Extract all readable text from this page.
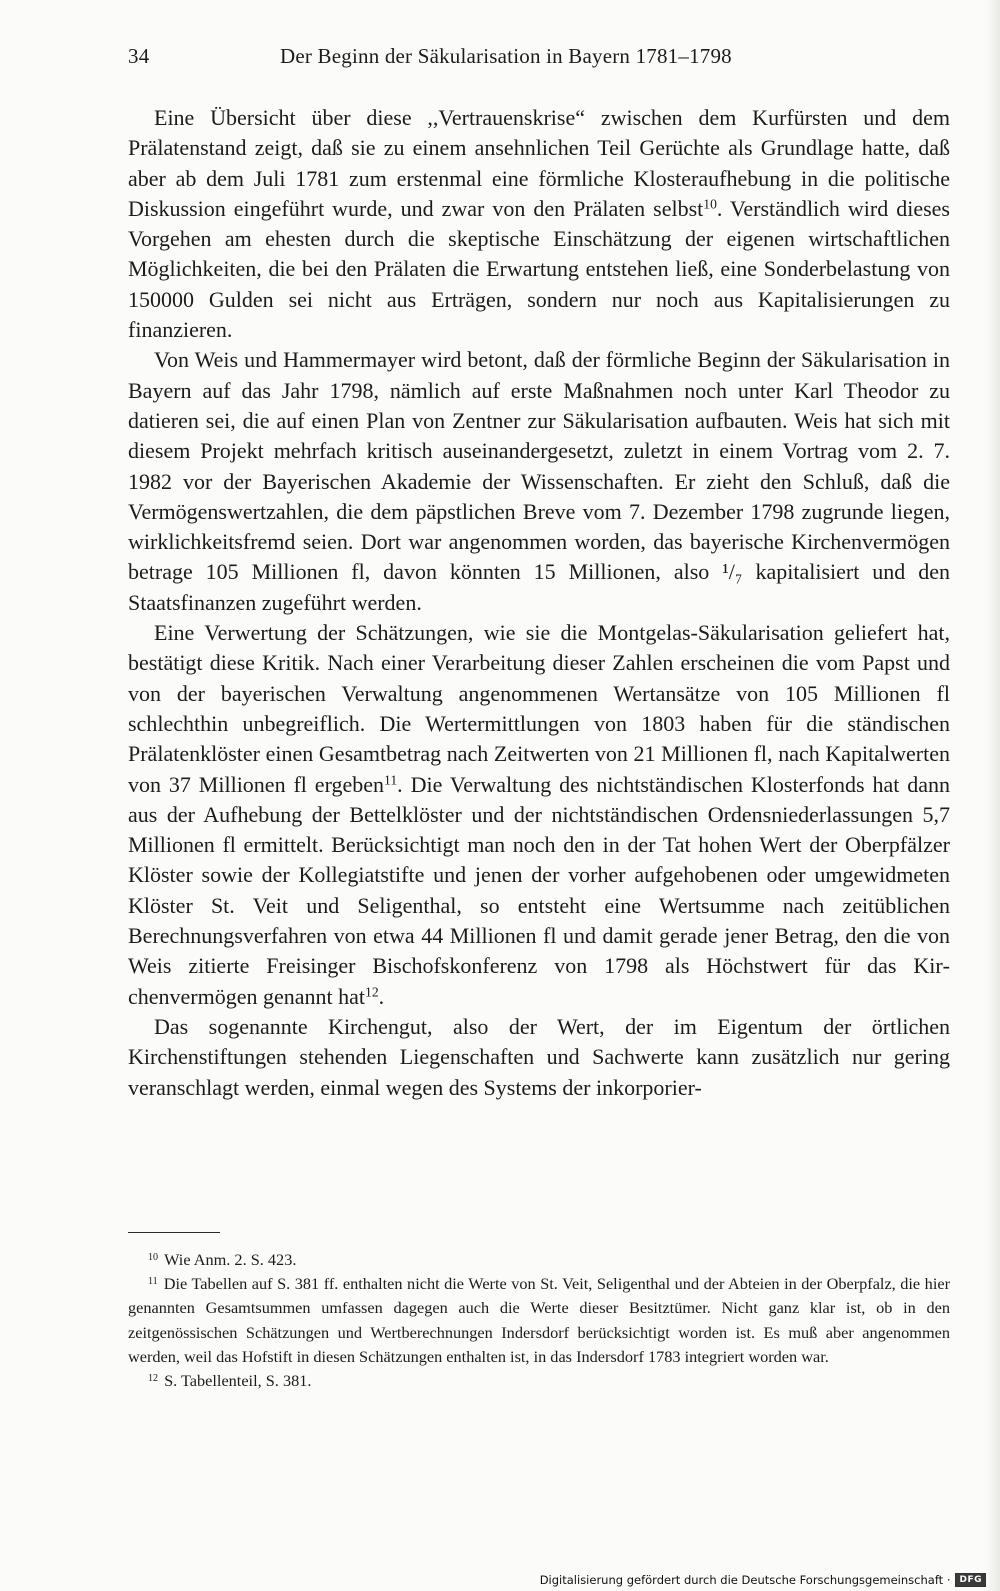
34	Der Beginn der Säkularisation in Bayern 1781–1798

Eine Übersicht über diese ,,Vertrauenskrise“ zwischen dem Kurfürsten und dem Prälatenstand zeigt, daß sie zu einem ansehnlichen Teil Gerüchte als Grundlage hatte, daß aber ab dem Juli 1781 zum erstenmal eine förmliche Klosteraufhebung in die politische Diskussion eingeführt wurde, und zwar von den Prälaten selbst$^{10}$. Verständlich wird dieses Vorgehen am ehesten durch die skeptische Einschätzung der eigenen wirtschaftlichen Möglichkeiten, die bei den Prälaten die Erwartung entstehen ließ, eine Sonderbelastung von 150000 Gulden sei nicht aus Erträgen, sondern nur noch aus Kapitalisierungen zu finanzieren.

Von Weis und Hammermayer wird betont, daß der förmliche Beginn der Säkularisation in Bayern auf das Jahr 1798, nämlich auf erste Maßnahmen noch unter Karl Theodor zu datieren sei, die auf einen Plan von Zentner zur Säkularisation aufbauten. Weis hat sich mit diesem Projekt mehrfach kritisch auseinandergesetzt, zuletzt in einem Vortrag vom 2. 7. 1982 vor der Bayerischen Akademie der Wissenschaften. Er zieht den Schluß, daß die Vermögenswertzahlen, die dem päpstlichen Breve vom 7. Dezember 1798 zugrunde liegen, wirklichkeitsfremd seien. Dort war angenommen worden, das bayerische Kirchenvermögen betrage 105 Millionen fl, davon könnten 15 Millionen, also ¹/₇ kapitalisiert und den Staatsfinanzen zugeführt werden.

Eine Verwertung der Schätzungen, wie sie die Montgelas-Säkularisation geliefert hat, bestätigt diese Kritik. Nach einer Verarbeitung dieser Zahlen erscheinen die vom Papst und von der bayerischen Verwaltung angenommenen Wertansätze von 105 Millionen fl schlechthin unbegreiflich. Die Wertermittlungen von 1803 haben für die ständischen Prälatenklöster einen Gesamtbetrag nach Zeitwerten von 21 Millionen fl, nach Kapitalwerten von 37 Millionen fl ergeben$^{11}$. Die Verwaltung des nichtständischen Klosterfonds hat dann aus der Aufhebung der Bettelklöster und der nichtständischen Ordensniederlassungen 5,7 Millionen fl ermittelt. Berücksichtigt man noch den in der Tat hohen Wert der Oberpfälzer Klöster sowie der Kollegiatstifte und jenen der vorher aufgehobenen oder umgewidmeten Klöster St. Veit und Seligenthal, so entsteht eine Wertsumme nach zeitüblichen Berechnungsverfahren von etwa 44 Millionen fl und damit gerade jener Betrag, den die von Weis zitierte Freisinger Bischofskonferenz von 1798 als Höchstwert für das Kirchenvermögen genannt hat$^{12}$.

Das sogenannte Kirchengut, also der Wert, der im Eigentum der örtlichen Kirchenstiftungen stehenden Liegenschaften und Sachwerte kann zusätzlich nur gering veranschlagt werden, einmal wegen des Systems der inkorporier-

$^{10}$ Wie Anm. 2. S. 423.

$^{11}$ Die Tabellen auf S. 381 ff. enthalten nicht die Werte von St. Veit, Seligenthal und der Abteien in der Oberpfalz, die hier genannten Gesamtsummen umfassen dagegen auch die Werte dieser Besitztümer. Nicht ganz klar ist, ob in den zeitgenössischen Schätzungen und Wertberechnungen Indersdorf berücksichtigt worden ist. Es muß aber angenommen werden, weil das Hofstift in diesen Schätzungen enthalten ist, in das Indersdorf 1783 integriert worden war.

$^{12}$ S. Tabellenteil, S. 381.

Digitalisierung gefördert durch die Deutsche Forschungsgemeinschaft ·	DFG
